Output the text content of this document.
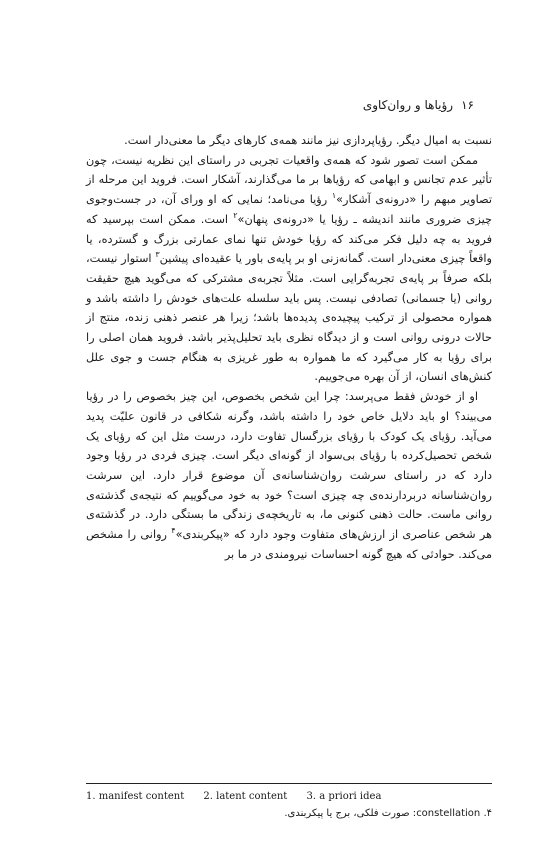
۱۶
رؤیاها و روان‌کاوی

نسبت به امیال دیگر. رؤیاپردازی نیز مانند همه‌ی کارهای دیگر ما معنی‌دار است.

ممکن است تصور شود که همه‌ی واقعیات تجربی در راستای این نظریه نیست، چون تأثیر عدم تجانس و ابهامی که رؤیاها بر ما می‌گذارند، آشکار است. فروید این مرحله از تصاویر مبهم را «درونه‌ی آشکار»$^۱$ رؤیا می‌نامد؛ نمایی که او ورای آن، در جست‌وجوی چیزی ضروری مانند اندیشه ـ رؤیا یا «درونه‌ی پنهان»$^۲$ است. ممکن است بپرسید که فروید به چه دلیل فکر می‌کند که رؤیا خودش تنها نمای عمارتی بزرگ و گسترده، یا واقعاً چیزی معنی‌دار است. گمانه‌زنی او بر پایه‌ی باور یا عقیده‌ای پیشین$^۳$ استوار نیست، بلکه صرفاً بر پایه‌ی تجربه‌گرایی است. مثلاً تجربه‌ی مشترکی که می‌گوید هیچ حقیقت روانی (یا جسمانی) تصادفی نیست. پس باید سلسله علت‌های خودش را داشته باشد و همواره محصولی از ترکیب پیچیده‌ی پدیده‌ها باشد؛ زیرا هر عنصر ذهنی زنده، منتج از حالات درونی روانی است و از دیدگاه نظری باید تحلیل‌پذیر باشد. فروید همان اصلی را برای رؤیا به کار می‌گیرد که ما همواره به طور غریزی به هنگام جست و جوی علل کنش‌های انسان، از آن بهره می‌جوییم.

او از خودش فقط می‌پرسد: چرا این شخص بخصوص، این چیز بخصوص را در رؤیا می‌بیند؟ او باید دلایل خاص خود را داشته باشد، وگرنه شکافی در قانون علیّت پدید می‌آید. رؤیای یک کودک با رؤیای بزرگسال تفاوت دارد، درست مثل این که رؤیای یک شخص تحصیل‌کرده با رؤیای بی‌سواد از گونه‌ای دیگر است. چیزی فردی در رؤیا وجود دارد که در راستای سرشت روان‌شناسانه‌ی آن موضوع قرار دارد. این سرشت روان‌شناسانه دربردارنده‌ی چه چیزی است؟ خود به خود می‌گوییم که نتیجه‌ی گذشته‌ی روانی ماست. حالت ذهنی کنونی ما، به تاریخچه‌ی زندگی ما بستگی دارد. در گذشته‌ی هر شخص عناصری از ارزش‌های متفاوت وجود دارد که «پیکربندی»$^۴$ روانی را مشخص می‌کند. حوادثی که هیچ گونه احساسات نیرومندی در ما بر

1. manifest content 2. latent content 3. a priori idea
constellation .۴: صورت فلکی، برج یا پیکربندی.
